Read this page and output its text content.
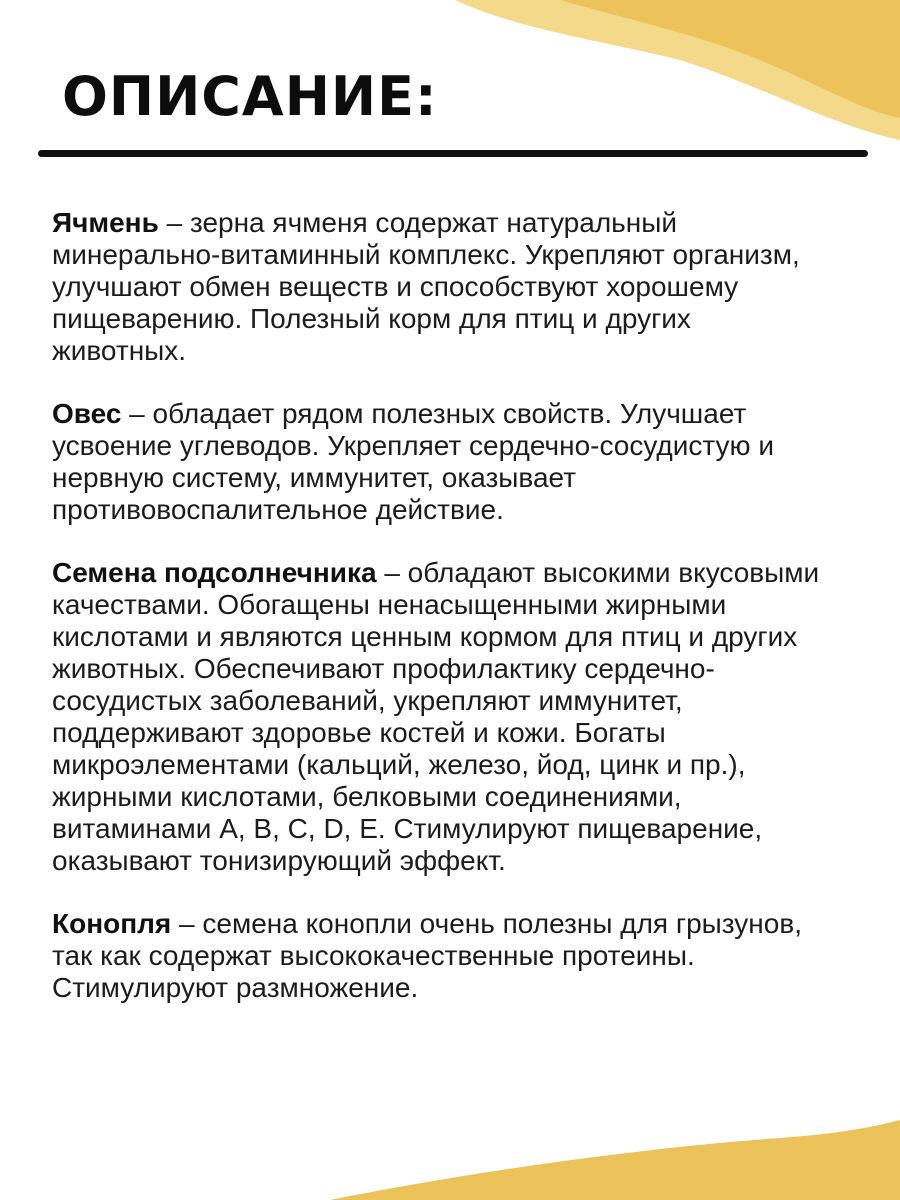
ОПИСАНИЕ:

Ячмень – зерна ячменя содержат натуральный минерально-витаминный комплекс. Укрепляют организм, улучшают обмен веществ и способствуют хорошему пищеварению. Полезный корм для птиц и других животных.

Овес – обладает рядом полезных свойств. Улучшает усвоение углеводов. Укрепляет сердечно-сосудистую и нервную систему, иммунитет, оказывает противовоспалительное действие.

Семена подсолнечника – обладают высокими вкусовыми качествами. Обогащены ненасыщенными жирными кислотами и являются ценным кормом для птиц и других животных. Обеспечивают профилактику сердечно-сосудистых заболеваний, укрепляют иммунитет, поддерживают здоровье костей и кожи. Богаты микроэлементами (кальций, железо, йод, цинк и пр.), жирными кислотами, белковыми соединениями, витаминами A, B, C, D, E. Стимулируют пищеварение, оказывают тонизирующий эффект.

Конопля – семена конопли очень полезны для грызунов, так как содержат высококачественные протеины. Стимулируют размножение.
